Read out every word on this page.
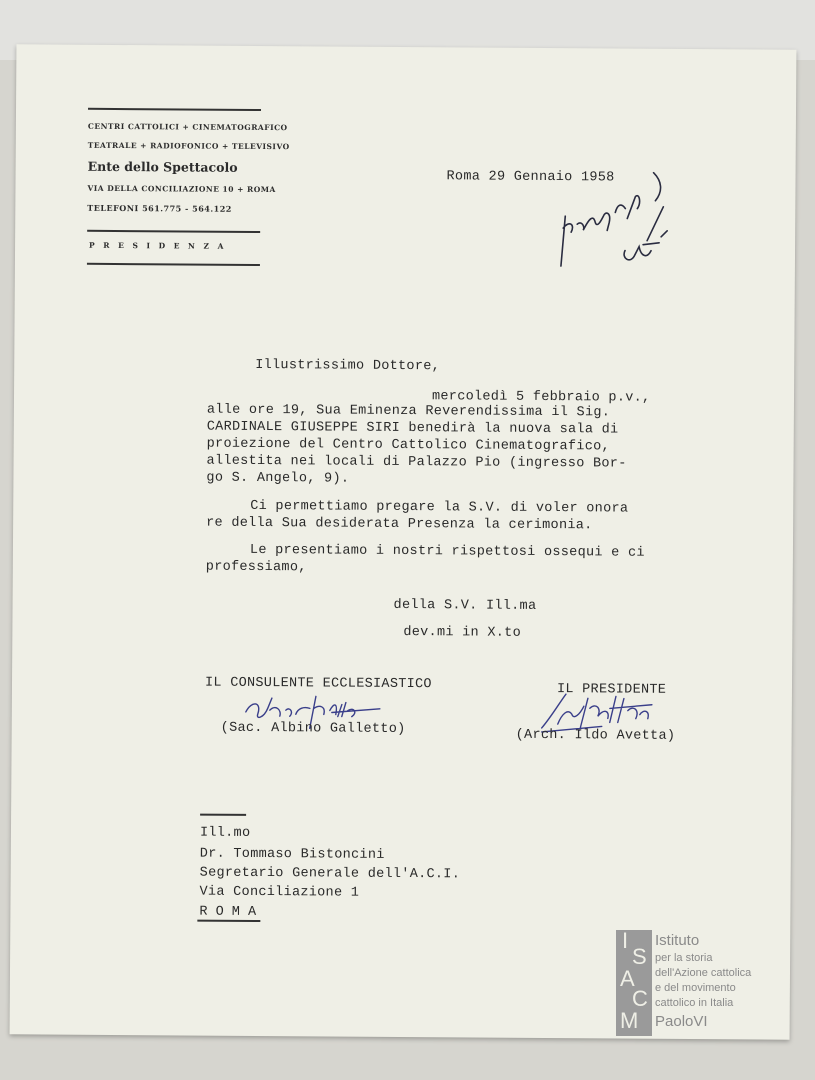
CENTRI CATTOLICI + CINEMATOGRAFICO
TEATRALE + RADIOFONICO + TELEVISIVO
Ente dello Spettacolo
VIA DELLA CONCILIAZIONE 10 + ROMA
TELEFONI 561.775 - 564.122
P R E S I D E N Z A
Roma 29 Gennaio 1958
Illustrissimo Dottore,
mercoledì 5 febbraio p.v.,
alle ore 19, Sua Eminenza Reverendissima il Sig.
CARDINALE GIUSEPPE SIRI benedirà la nuova sala di
proiezione del Centro Cattolico Cinematografico,
allestita nei locali di Palazzo Pio (ingresso Bor-
go S. Angelo, 9).
Ci permettiamo pregare la S.V. di voler onora
re della Sua desiderata Presenza la cerimonia.
Le presentiamo i nostri rispettosi ossequi e ci
professiamo,
della S.V. Ill.ma
dev.mi in X.to
IL CONSULENTE ECCLESIASTICO	IL PRESIDENTE
(Sac. Albino Galletto)	(Arch. Ildo Avetta)
Ill.mo
Dr. Tommaso Bistoncini
Segretario Generale dell'A.C.I.
Via Conciliazione 1
R O M A
I
S
A
C
M
Istituto
per la storia
dell'Azione cattolica
e del movimento
cattolico in Italia
PaoloVI
